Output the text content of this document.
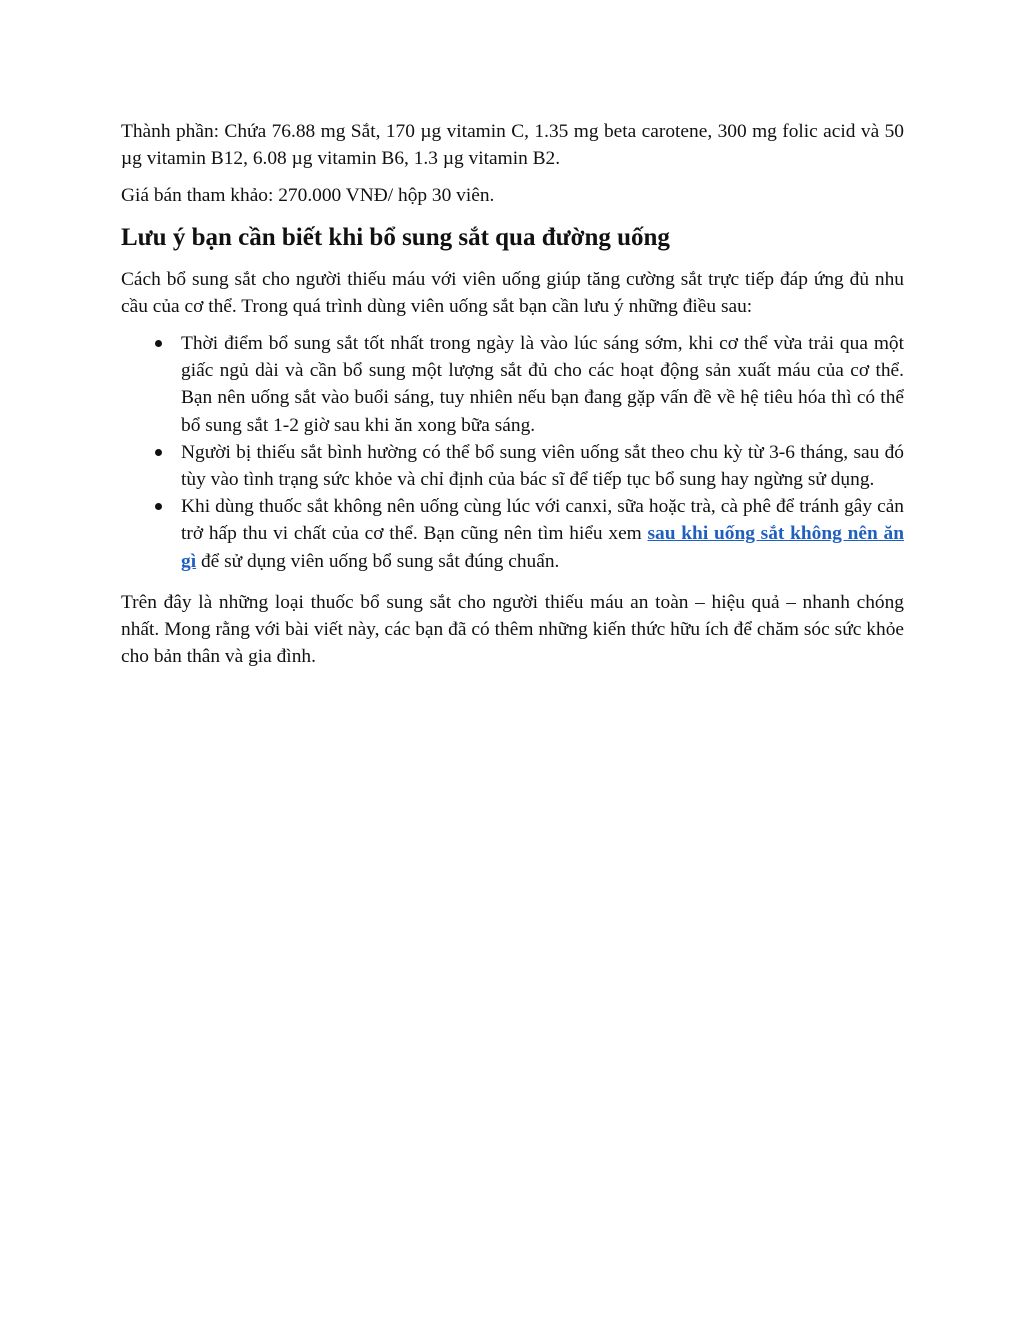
Thành phần: Chứa 76.88 mg Sắt, 170 µg vitamin C, 1.35 mg beta carotene, 300 mg folic acid và 50 µg vitamin B12, 6.08 µg vitamin B6, 1.3 µg vitamin B2.

Giá bán tham khảo: 270.000 VNĐ/ hộp 30 viên.

Lưu ý bạn cần biết khi bổ sung sắt qua đường uống

Cách bổ sung sắt cho người thiếu máu với viên uống giúp tăng cường sắt trực tiếp đáp ứng đủ nhu cầu của cơ thể. Trong quá trình dùng viên uống sắt bạn cần lưu ý những điều sau:

Thời điểm bổ sung sắt tốt nhất trong ngày là vào lúc sáng sớm, khi cơ thể vừa trải qua một giấc ngủ dài và cần bổ sung một lượng sắt đủ cho các hoạt động sản xuất máu của cơ thể. Bạn nên uống sắt vào buổi sáng, tuy nhiên nếu bạn đang gặp vấn đề về hệ tiêu hóa thì có thể bổ sung sắt 1-2 giờ sau khi ăn xong bữa sáng.
Người bị thiếu sắt bình hường có thể bổ sung viên uống sắt theo chu kỳ từ 3-6 tháng, sau đó tùy vào tình trạng sức khỏe và chỉ định của bác sĩ để tiếp tục bổ sung hay ngừng sử dụng.
Khi dùng thuốc sắt không nên uống cùng lúc với canxi, sữa hoặc trà, cà phê để tránh gây cản trở hấp thu vi chất của cơ thể. Bạn cũng nên tìm hiểu xem sau khi uống sắt không nên ăn gì để sử dụng viên uống bổ sung sắt đúng chuẩn.

Trên đây là những loại thuốc bổ sung sắt cho người thiếu máu an toàn – hiệu quả – nhanh chóng nhất. Mong rằng với bài viết này, các bạn đã có thêm những kiến thức hữu ích để chăm sóc sức khỏe cho bản thân và gia đình.
